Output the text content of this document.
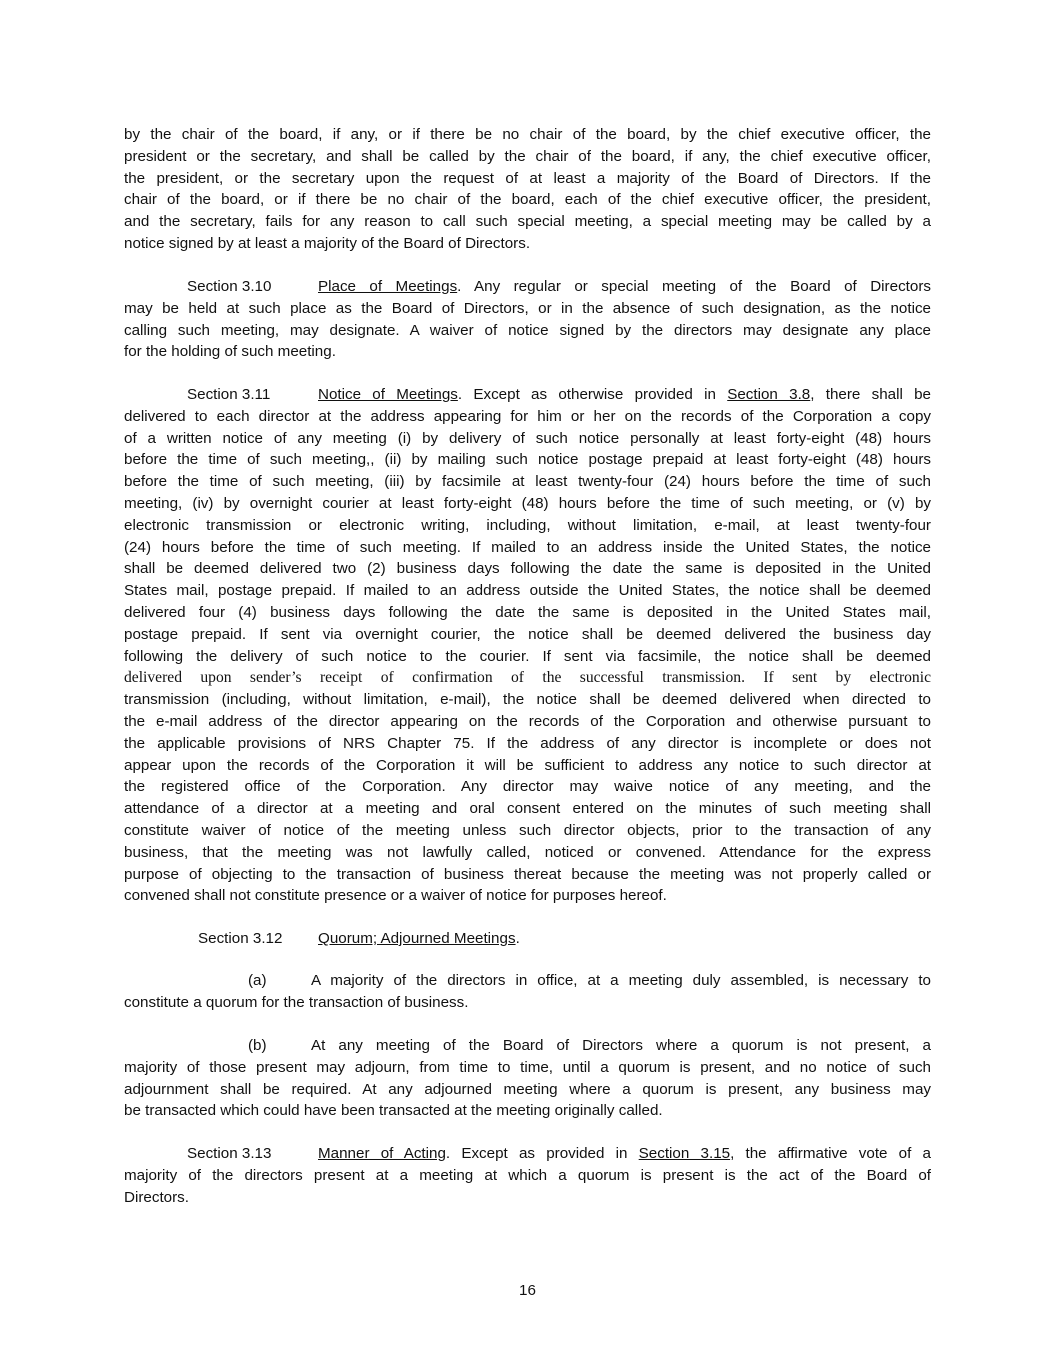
by the chair of the board, if any, or if there be no chair of the board, by the chief executive officer, the
president or the secretary, and shall be called by the chair of the board, if any, the chief executive officer,
the president, or the secretary upon the request of at least a majority of the Board of Directors. If the
chair of the board, or if there be no chair of the board, each of the chief executive officer, the president,
and the secretary, fails for any reason to call such special meeting, a special meeting may be called by a
notice signed by at least a majority of the Board of Directors.
Section 3.10	Place of Meetings. Any regular or special meeting of the Board of Directors
may be held at such place as the Board of Directors, or in the absence of such designation, as the notice
calling such meeting, may designate. A waiver of notice signed by the directors may designate any place
for the holding of such meeting.
Section 3.11	Notice of Meetings. Except as otherwise provided in Section 3.8, there shall be
delivered to each director at the address appearing for him or her on the records of the Corporation a copy
of a written notice of any meeting (i) by delivery of such notice personally at least forty-eight (48) hours
before the time of such meeting,, (ii) by mailing such notice postage prepaid at least forty-eight (48) hours
before the time of such meeting, (iii) by facsimile at least twenty-four (24) hours before the time of such
meeting, (iv) by overnight courier at least forty-eight (48) hours before the time of such meeting, or (v) by
electronic transmission or electronic writing, including, without limitation, e-mail, at least twenty-four
(24) hours before the time of such meeting. If mailed to an address inside the United States, the notice
shall be deemed delivered two (2) business days following the date the same is deposited in the United
States mail, postage prepaid. If mailed to an address outside the United States, the notice shall be deemed
delivered four (4) business days following the date the same is deposited in the United States mail,
postage prepaid. If sent via overnight courier, the notice shall be deemed delivered the business day
following the delivery of such notice to the courier. If sent via facsimile, the notice shall be deemed
delivered upon sender’s receipt of confirmation of the successful transmission. If sent by electronic
transmission (including, without limitation, e-mail), the notice shall be deemed delivered when directed to
the e-mail address of the director appearing on the records of the Corporation and otherwise pursuant to
the applicable provisions of NRS Chapter 75. If the address of any director is incomplete or does not
appear upon the records of the Corporation it will be sufficient to address any notice to such director at
the registered office of the Corporation. Any director may waive notice of any meeting, and the
attendance of a director at a meeting and oral consent entered on the minutes of such meeting shall
constitute waiver of notice of the meeting unless such director objects, prior to the transaction of any
business, that the meeting was not lawfully called, noticed or convened. Attendance for the express
purpose of objecting to the transaction of business thereat because the meeting was not properly called or
convened shall not constitute presence or a waiver of notice for purposes hereof.
Section 3.12	Quorum; Adjourned Meetings.
(a)	A majority of the directors in office, at a meeting duly assembled, is necessary to
constitute a quorum for the transaction of business.
(b)	At any meeting of the Board of Directors where a quorum is not present, a
majority of those present may adjourn, from time to time, until a quorum is present, and no notice of such
adjournment shall be required. At any adjourned meeting where a quorum is present, any business may
be transacted which could have been transacted at the meeting originally called.
Section 3.13	Manner of Acting. Except as provided in Section 3.15, the affirmative vote of a
majority of the directors present at a meeting at which a quorum is present is the act of the Board of
Directors.
16
